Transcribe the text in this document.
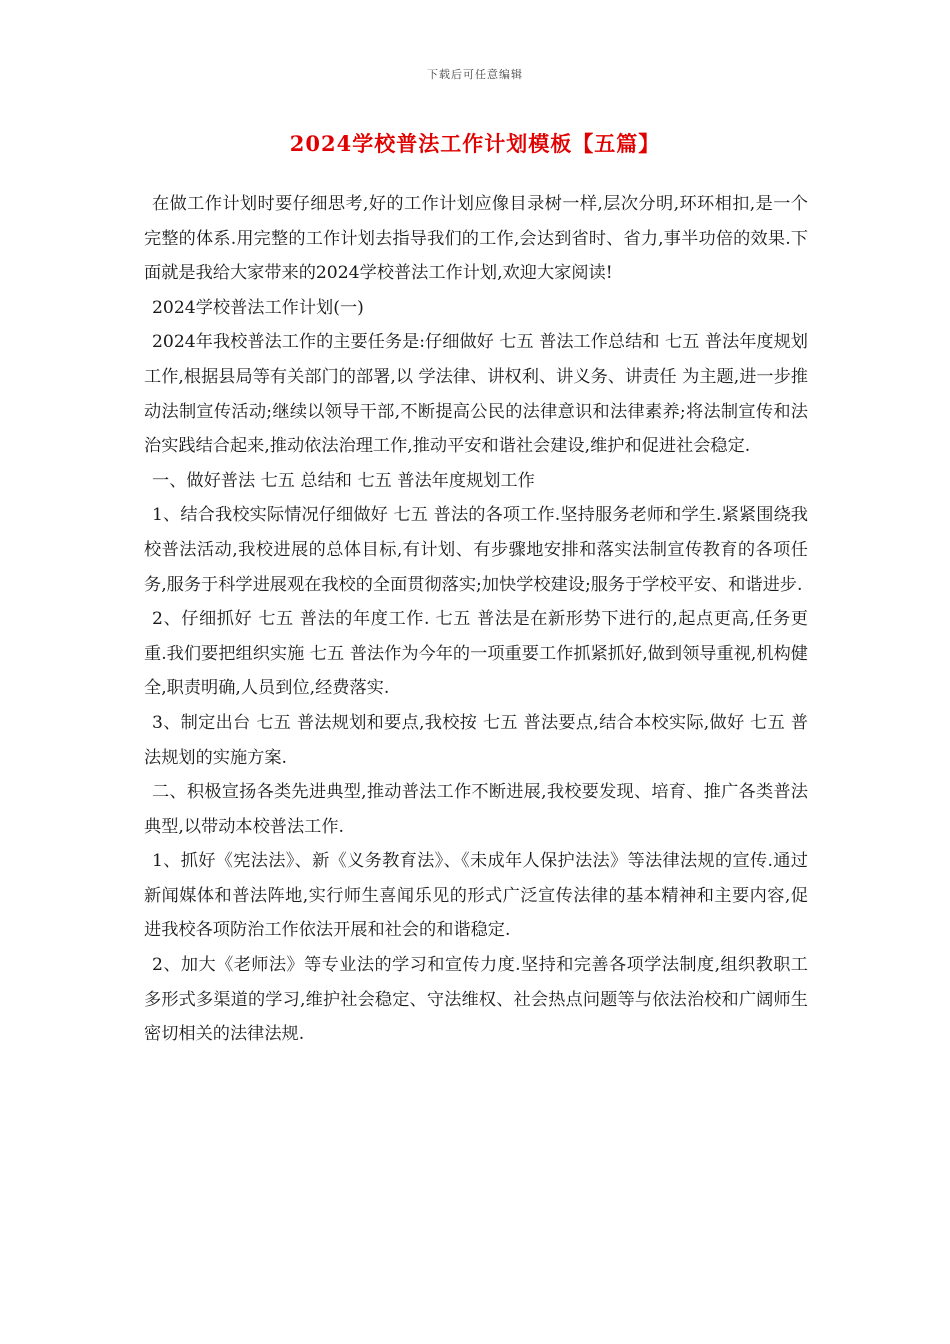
下载后可任意编辑
2024学校普法工作计划模板【五篇】

在做工作计划时要仔细思考,好的工作计划应像目录树一样,层次分明,环环相扣,是一个完整的体系.用完整的工作计划去指导我们的工作,会达到省时、省力,事半功倍的效果.下面就是我给大家带来的2024学校普法工作计划,欢迎大家阅读!

2024学校普法工作计划(一)

2024年我校普法工作的主要任务是:仔细做好 七五 普法工作总结和 七五 普法年度规划工作,根据县局等有关部门的部署,以 学法律、讲权利、讲义务、讲责任 为主题,进一步推动法制宣传活动;继续以领导干部,不断提高公民的法律意识和法律素养;将法制宣传和法治实践结合起来,推动依法治理工作,推动平安和谐社会建设,维护和促进社会稳定.

一、做好普法 七五 总结和 七五 普法年度规划工作

1、结合我校实际情况仔细做好 七五 普法的各项工作.坚持服务老师和学生.紧紧围绕我校普法活动,我校进展的总体目标,有计划、有步骤地安排和落实法制宣传教育的各项任务,服务于科学进展观在我校的全面贯彻落实;加快学校建设;服务于学校平安、和谐进步.

2、仔细抓好 七五 普法的年度工作. 七五 普法是在新形势下进行的,起点更高,任务更重.我们要把组织实施 七五 普法作为今年的一项重要工作抓紧抓好,做到领导重视,机构健全,职责明确,人员到位,经费落实.

3、制定出台 七五 普法规划和要点,我校按 七五 普法要点,结合本校实际,做好 七五 普法规划的实施方案.

二、积极宣扬各类先进典型,推动普法工作不断进展,我校要发现、培育、推广各类普法典型,以带动本校普法工作.

1、抓好《宪法法》、新《义务教育法》、《未成年人保护法法》等法律法规的宣传.通过新闻媒体和普法阵地,实行师生喜闻乐见的形式广泛宣传法律的基本精神和主要内容,促进我校各项防治工作依法开展和社会的和谐稳定.

2、加大《老师法》等专业法的学习和宣传力度.坚持和完善各项学法制度,组织教职工多形式多渠道的学习,维护社会稳定、守法维权、社会热点问题等与依法治校和广阔师生密切相关的法律法规.
